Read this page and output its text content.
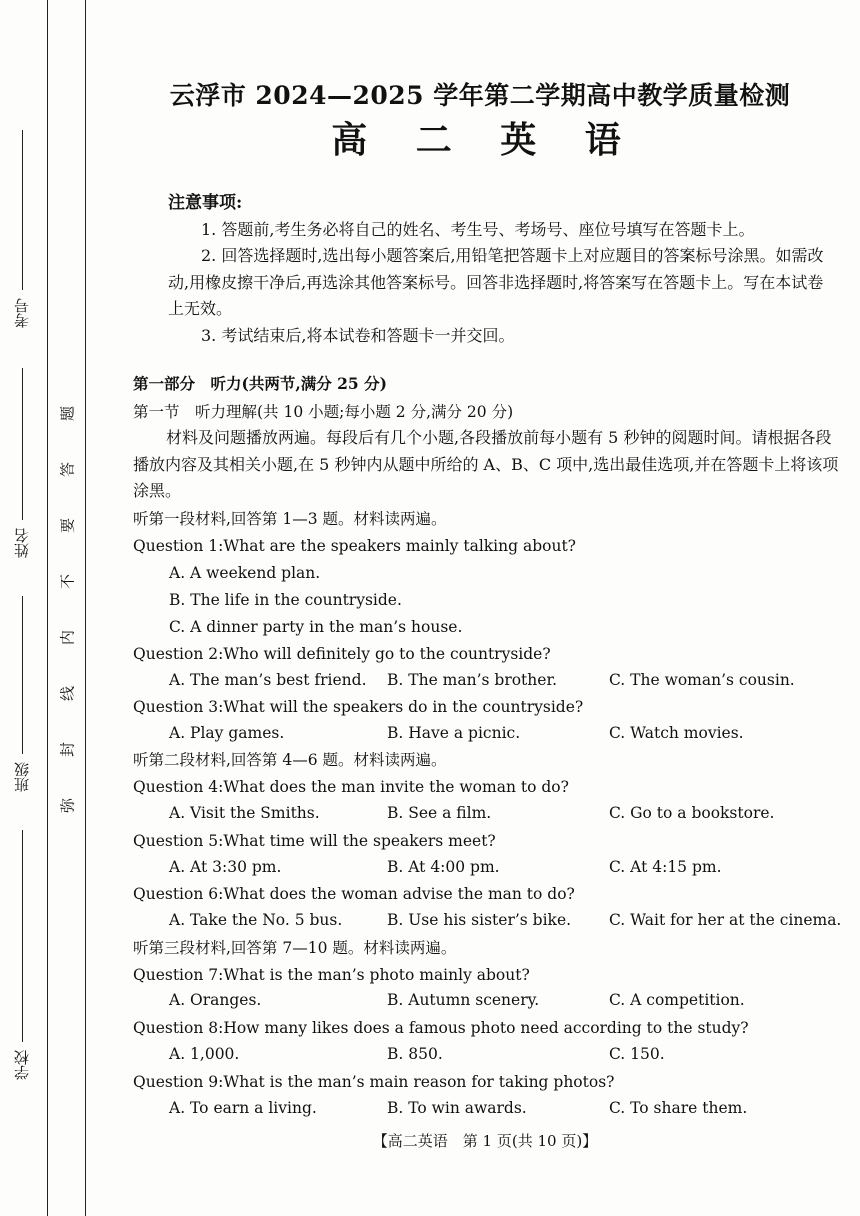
考号
姓名
班级
学校
题
答
要
不
内
线
封
弥
云浮市 2024—2025 学年第二学期高中教学质量检测
高 二 英 语

注意事项:

1. 答题前,考生务必将自己的姓名、考生号、考场号、座位号填写在答题卡上。

2. 回答选择题时,选出每小题答案后,用铅笔把答题卡上对应题目的答案标号涂黑。如需改动,用橡皮擦干净后,再选涂其他答案标号。回答非选择题时,将答案写在答题卡上。写在本试卷上无效。

3. 考试结束后,将本试卷和答题卡一并交回。

第一部分　听力(共两节,满分 25 分)
第一节　听力理解(共 10 小题;每小题 2 分,满分 20 分)

材料及问题播放两遍。每段后有几个小题,各段播放前每小题有 5 秒钟的阅题时间。请根据各段播放内容及其相关小题,在 5 秒钟内从题中所给的 A、B、C 项中,选出最佳选项,并在答题卡上将该项涂黑。

听第一段材料,回答第 1—3 题。材料读两遍。
Question 1:What are the speakers mainly talking about?
A. A weekend plan.
B. The life in the countryside.
C. A dinner party in the man’s house.
Question 2:Who will definitely go to the countryside?
A. The man’s best friend. B. The man’s brother.	C. The woman’s cousin.
Question 3:What will the speakers do in the countryside?
A. Play games.	B. Have a picnic.	C. Watch movies.
听第二段材料,回答第 4—6 题。材料读两遍。
Question 4:What does the man invite the woman to do?
A. Visit the Smiths.	B. See a film.	C. Go to a bookstore.
Question 5:What time will the speakers meet?
A. At 3:30 pm.	B. At 4:00 pm.	C. At 4:15 pm.
Question 6:What does the woman advise the man to do?
A. Take the No. 5 bus.	B. Use his sister’s bike. C. Wait for her at the cinema.
听第三段材料,回答第 7—10 题。材料读两遍。
Question 7:What is the man’s photo mainly about?
A. Oranges.	B. Autumn scenery.	C. A competition.
Question 8:How many likes does a famous photo need according to the study?
A. 1,000.	B. 850.	C. 150.
Question 9:What is the man’s main reason for taking photos?
A. To earn a living.	B. To win awards.	C. To share them.
【高二英语　第 1 页(共 10 页)】
